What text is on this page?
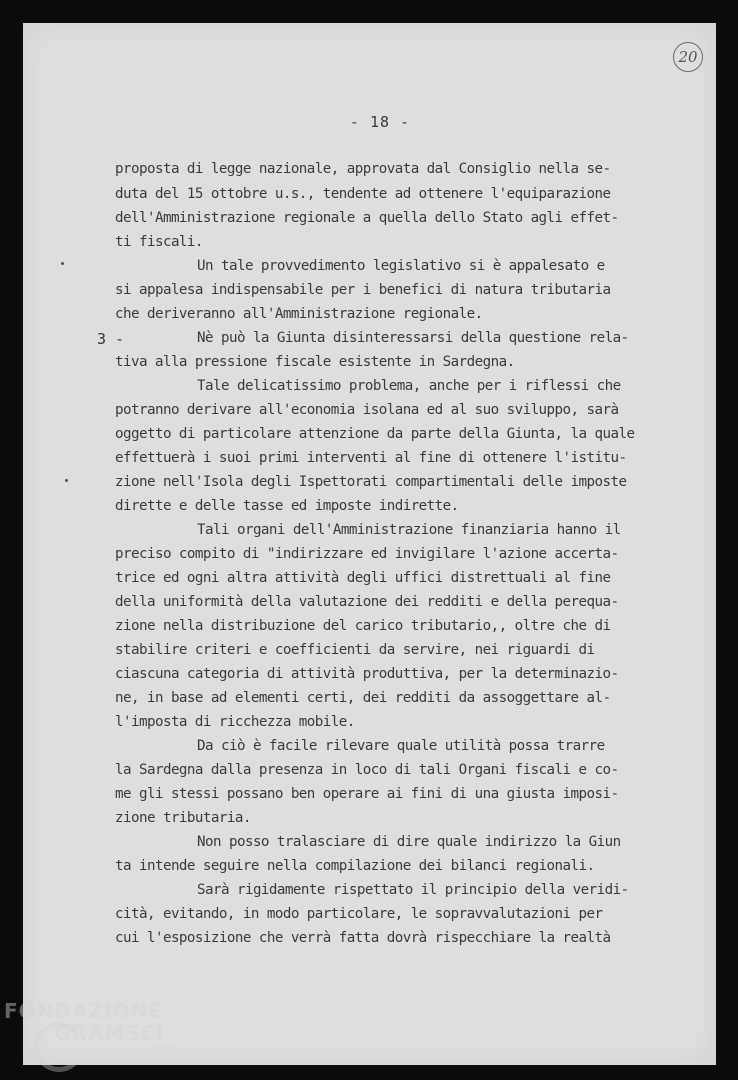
20
- 18 -
3 -
proposta di legge nazionale, approvata dal Consiglio nella se-
duta del 15 ottobre u.s., tendente ad ottenere l'equiparazione
dell'Amministrazione regionale a quella dello Stato agli effet-
ti fiscali.
Un tale provvedimento legislativo si è appalesato e
si appalesa indispensabile per i benefici di natura tributaria
che deriveranno all'Amministrazione regionale.
Nè può la Giunta disinteressarsi della questione rela-
tiva alla pressione fiscale esistente in Sardegna.
Tale delicatissimo problema, anche per i riflessi che
potranno derivare all'economia isolana ed al suo sviluppo, sarà
oggetto di particolare attenzione da parte della Giunta, la quale
effettuerà i suoi primi interventi al fine di ottenere l'istitu-
zione nell'Isola degli Ispettorati compartimentali delle imposte
dirette e delle tasse ed imposte indirette.
Tali organi dell'Amministrazione finanziaria hanno il
preciso compito di "indirizzare ed invigilare l'azione accerta-
trice ed ogni altra attività degli uffici distrettuali al fine
della uniformità della valutazione dei redditi e della perequa-
zione nella distribuzione del carico tributario,, oltre che di
stabilire criteri e coefficienti da servire, nei riguardi di
ciascuna categoria di attività produttiva, per la determinazio-
ne, in base ad elementi certi, dei redditi da assoggettare al-
l'imposta di ricchezza mobile.
Da ciò è facile rilevare quale utilità possa trarre
la Sardegna dalla presenza in loco di tali Organi fiscali e co-
me gli stessi possano ben operare ai fini di una giusta imposi-
zione tributaria.
Non posso tralasciare di dire quale indirizzo la Giun
ta intende seguire nella compilazione dei bilanci regionali.
Sarà rigidamente rispettato il principio della veridi-
cità, evitando, in modo particolare, le sopravvalutazioni per
cui l'esposizione che verrà fatta dovrà rispecchiare la realtà
FONDAZIONE
GRAMSCI
onlus
